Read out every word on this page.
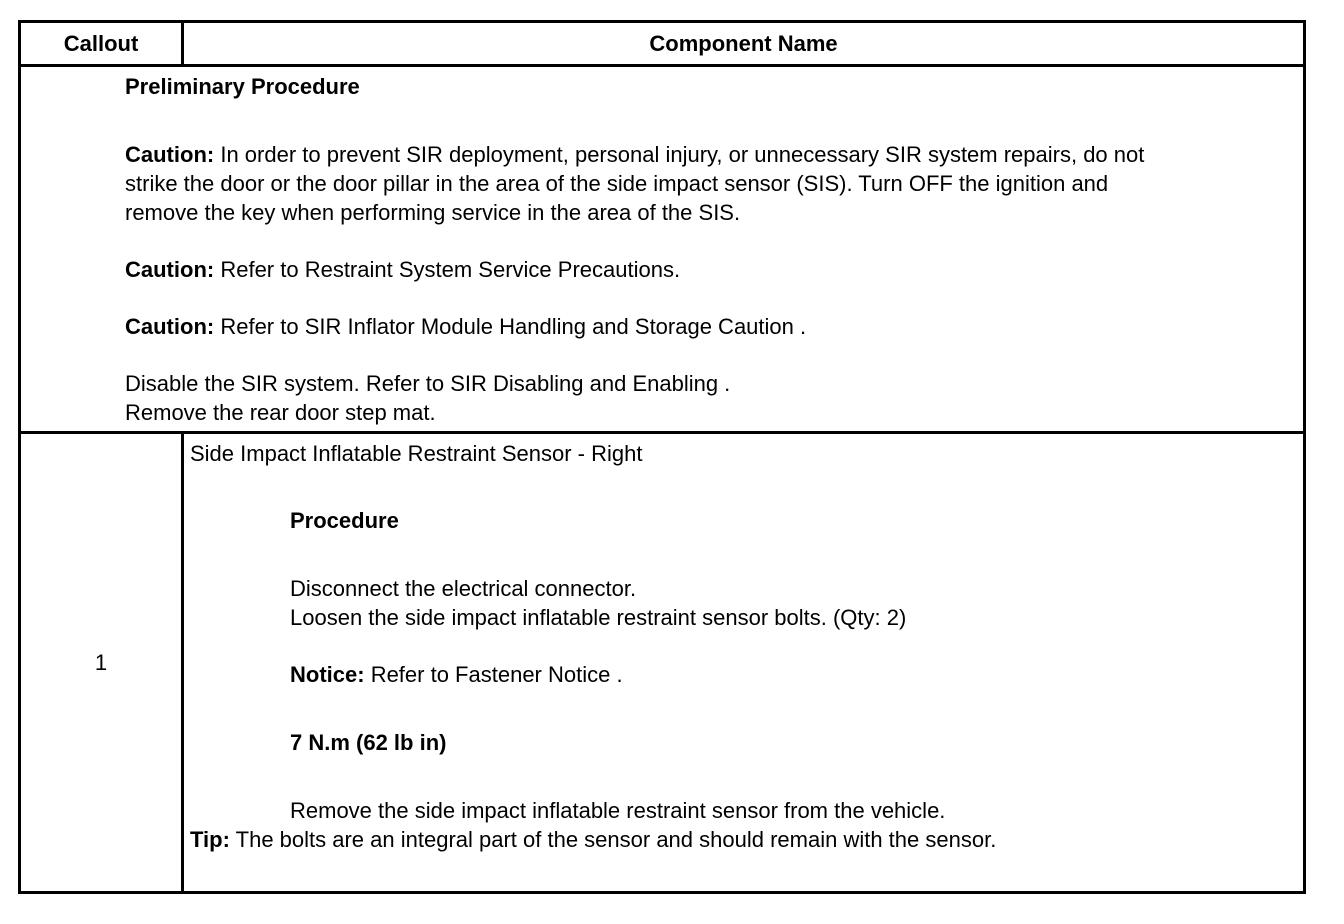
Callout	Component Name
Preliminary Procedure
Caution: In order to prevent SIR deployment, personal injury, or unnecessary SIR system repairs, do not
strike the door or the door pillar in the area of the side impact sensor (SIS). Turn OFF the ignition and
remove the key when performing service in the area of the SIS.
Caution: Refer to Restraint System Service Precautions.
Caution: Refer to SIR Inflator Module Handling and Storage Caution .
Disable the SIR system. Refer to SIR Disabling and Enabling .
Remove the rear door step mat.
1
Side Impact Inflatable Restraint Sensor - Right
Procedure
Disconnect the electrical connector.
Loosen the side impact inflatable restraint sensor bolts. (Qty: 2)
Notice: Refer to Fastener Notice .
7 N.m (62 lb in)
Remove the side impact inflatable restraint sensor from the vehicle.
Tip: The bolts are an integral part of the sensor and should remain with the sensor.
